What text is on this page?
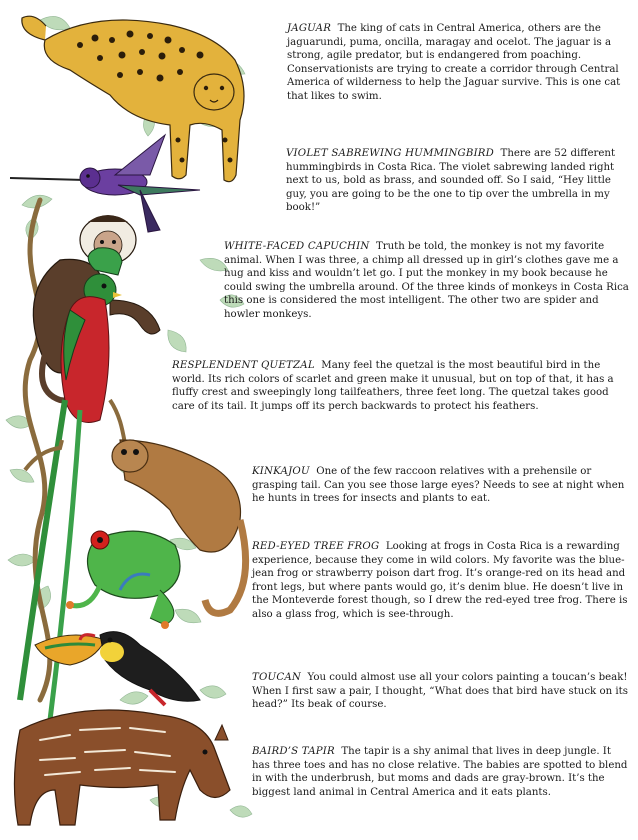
JAGUAR The king of cats in Central America, others are the jaguarundi, puma, oncilla, maragay and ocelot. The jaguar is a strong, agile predator, but is endangered from poaching. Conservationists are trying to create a corridor through Central America of wilderness to help the Jaguar survive. This is one cat that likes to swim.
VIOLET SABREWING HUMMINGBIRD There are 52 different hummingbirds in Costa Rica. The violet sabrewing landed right next to us, bold as brass, and sounded off. So I said, “Hey little guy, you are going to be the one to tip over the umbrella in my book!”
WHITE-FACED CAPUCHIN Truth be told, the monkey is not my favorite animal. When I was three, a chimp all dressed up in girl’s clothes gave me a hug and kiss and wouldn’t let go. I put the monkey in my book because he could swing the umbrella around. Of the three kinds of monkeys in Costa Rica this one is considered the most intelligent. The other two are spider and howler monkeys.
RESPLENDENT QUETZAL Many feel the quetzal is the most beautiful bird in the world. Its rich colors of scarlet and green make it unusual, but on top of that, it has a fluffy crest and sweepingly long tailfeathers, three feet long. The quetzal takes good care of its tail. It jumps off its perch backwards to protect his feathers.
KINKAJOU One of the few raccoon relatives with a prehensile or grasping tail. Can you see those large eyes? Needs to see at night when he hunts in trees for insects and plants to eat.
RED-EYED TREE FROG Looking at frogs in Costa Rica is a rewarding experience, because they come in wild colors. My favorite was the blue-jean frog or strawberry poison dart frog. It’s orange-red on its head and front legs, but where pants would go, it’s denim blue. He doesn’t live in the Monteverde forest though, so I drew the red-eyed tree frog. There is also a glass frog, which is see-through.
TOUCAN You could almost use all your colors painting a toucan’s beak! When I first saw a pair, I thought, “What does that bird have stuck on its head?” Its beak of course.
BAIRD’S TAPIR The tapir is a shy animal that lives in deep jungle. It has three toes and has no close relative. The babies are spotted to blend in with the underbrush, but moms and dads are gray-brown. It’s the biggest land animal in Central America and it eats plants.
